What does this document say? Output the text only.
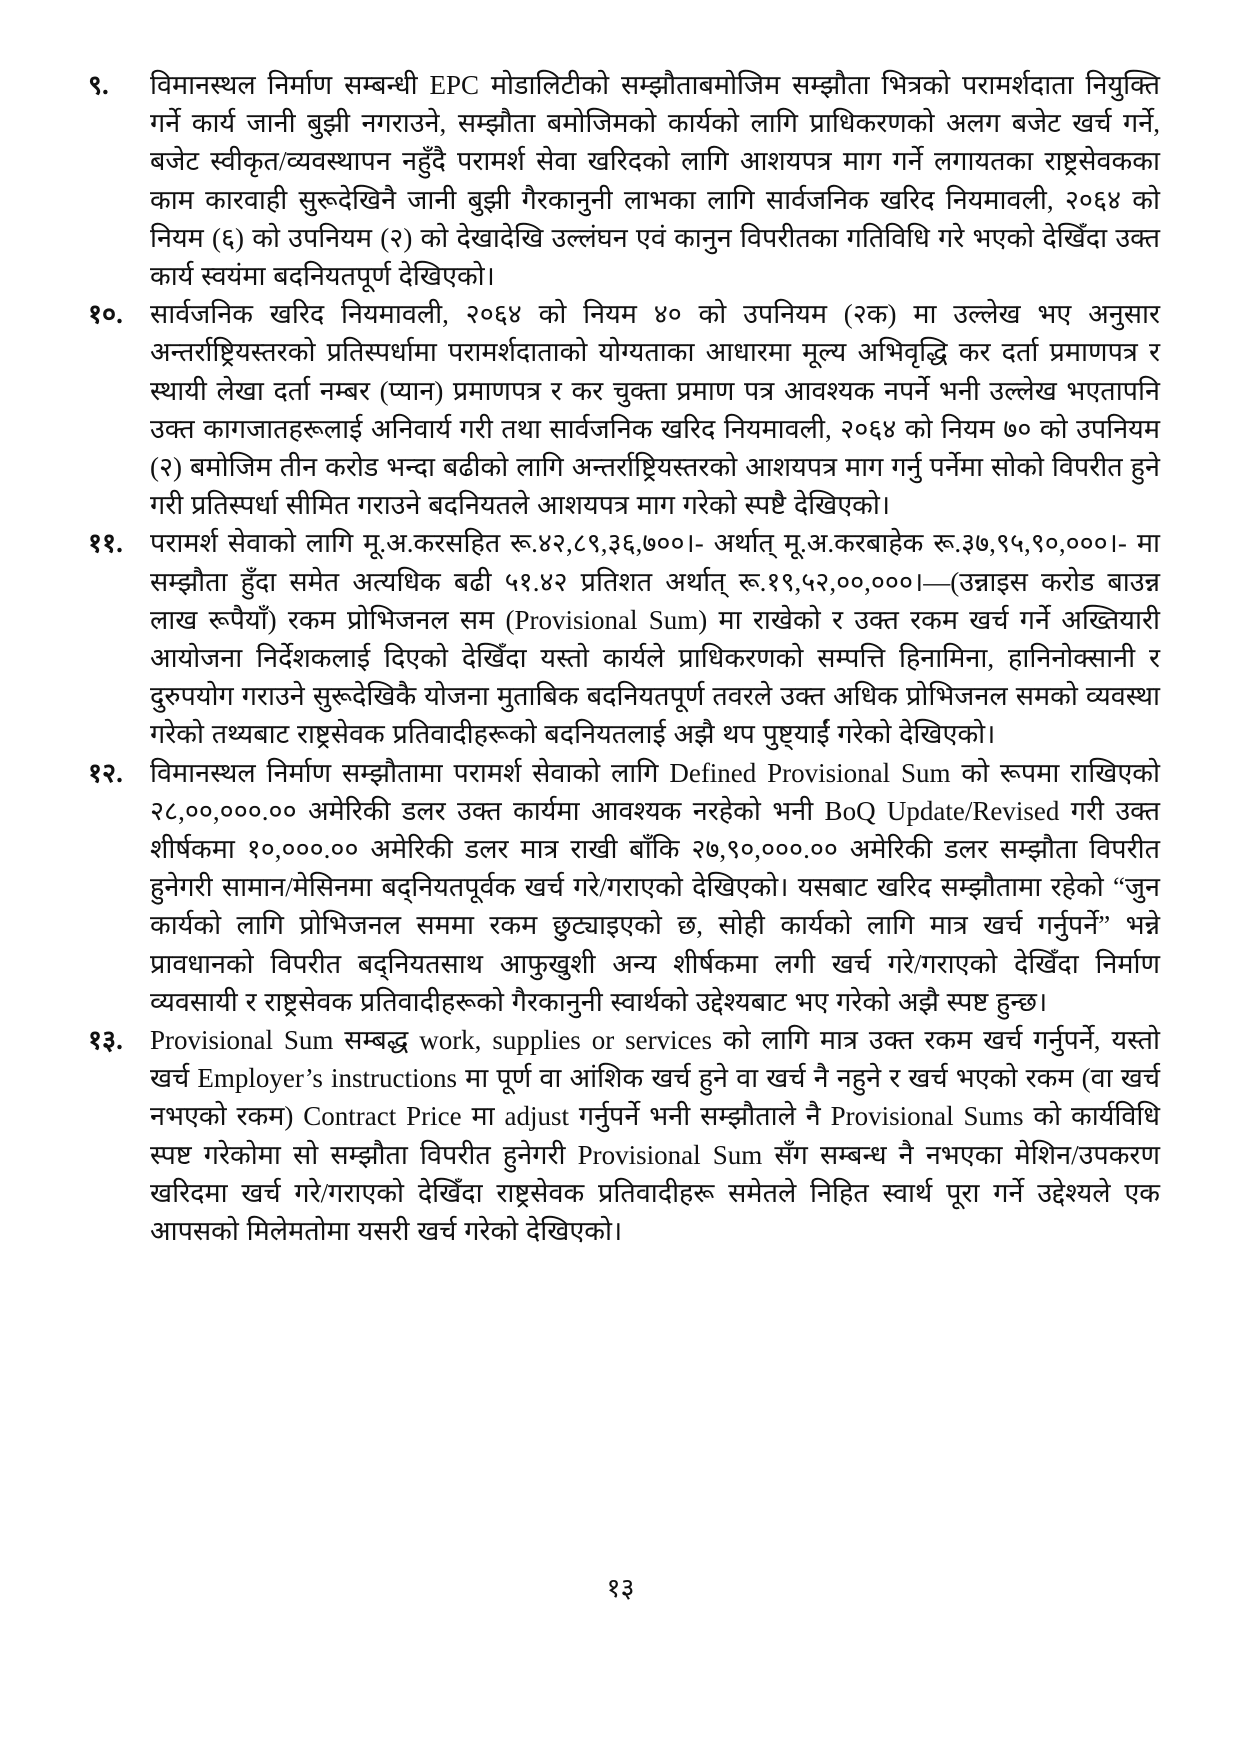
९.	विमानस्थल निर्माण सम्बन्धी EPC मोडालिटीको सम्झौताबमोजिम सम्झौता भित्रको परामर्शदाता नियुक्ति गर्ने कार्य जानी बुझी नगराउने, सम्झौता बमोजिमको कार्यको लागि प्राधिकरणको अलग बजेट खर्च गर्ने, बजेट स्वीकृत/व्यवस्थापन नहुँदै परामर्श सेवा खरिदको लागि आशयपत्र माग गर्ने लगायतका राष्ट्रसेवकका काम कारवाही सुरूदेखिनै जानी बुझी गैरकानुनी लाभका लागि सार्वजनिक खरिद नियमावली, २०६४ को नियम (६) को उपनियम (२) को देखादेखि उल्लंघन एवं कानुन विपरीतका गतिविधि गरे भएको देखिँदा उक्त कार्य स्वयंमा बदनियतपूर्ण देखिएको।
१०.	सार्वजनिक खरिद नियमावली, २०६४ को नियम ४० को उपनियम (२क) मा उल्लेख भए अनुसार अन्तर्राष्ट्रियस्तरको प्रतिस्पर्धामा परामर्शदाताको योग्यताका आधारमा मूल्य अभिवृद्धि कर दर्ता प्रमाणपत्र र स्थायी लेखा दर्ता नम्बर (प्यान) प्रमाणपत्र र कर चुक्ता प्रमाण पत्र आवश्यक नपर्ने भनी उल्लेख भएतापनि उक्त कागजातहरूलाई अनिवार्य गरी तथा सार्वजनिक खरिद नियमावली, २०६४ को नियम ७० को उपनियम (२) बमोजिम तीन करोड भन्दा बढीको लागि अन्तर्राष्ट्रियस्तरको आशयपत्र माग गर्नु पर्नेमा सोको विपरीत हुने गरी प्रतिस्पर्धा सीमित गराउने बदनियतले आशयपत्र माग गरेको स्पष्टै देखिएको।
११.	परामर्श सेवाको लागि मू.अ.करसहित रू.४२,८९,३६,७००।- अर्थात् मू.अ.करबाहेक रू.३७,९५,९०,०००।- मा सम्झौता हुँदा समेत अत्यधिक बढी ५१.४२ प्रतिशत अर्थात् रू.१९,५२,००,०००।—(उन्नाइस करोड बाउन्न लाख रूपैयाँ) रकम प्रोभिजनल सम (Provisional Sum) मा राखेको र उक्त रकम खर्च गर्ने अख्तियारी आयोजना निर्देशकलाई दिएको देखिँदा यस्तो कार्यले प्राधिकरणको सम्पत्ति हिनामिना, हानिनोक्सानी र दुरुपयोग गराउने सुरूदेखिकै योजना मुताबिक बदनियतपूर्ण तवरले उक्त अधिक प्रोभिजनल समको व्यवस्था गरेको तथ्यबाट राष्ट्रसेवक प्रतिवादीहरूको बदनियतलाई अझै थप पुष्ट्याईं गरेको देखिएको।
१२.	विमानस्थल निर्माण सम्झौतामा परामर्श सेवाको लागि Defined Provisional Sum को रूपमा राखिएको २८,००,०००.०० अमेरिकी डलर उक्त कार्यमा आवश्यक नरहेको भनी BoQ Update/Revised गरी उक्त शीर्षकमा १०,०००.०० अमेरिकी डलर मात्र राखी बाँकि २७,९०,०००.०० अमेरिकी डलर सम्झौता विपरीत हुनेगरी सामान/मेसिनमा बद्नियतपूर्वक खर्च गरे/गराएको देखिएको। यसबाट खरिद सम्झौतामा रहेको “जुन कार्यको लागि प्रोभिजनल सममा रकम छुट्याइएको छ, सोही कार्यको लागि मात्र खर्च गर्नुपर्ने” भन्ने प्रावधानको विपरीत बद्नियतसाथ आफुखुशी अन्य शीर्षकमा लगी खर्च गरे/गराएको देखिँदा निर्माण व्यवसायी र राष्ट्रसेवक प्रतिवादीहरूको गैरकानुनी स्वार्थको उद्देश्यबाट भए गरेको अझै स्पष्ट हुन्छ।
१३.	Provisional Sum सम्बद्ध work, supplies or services को लागि मात्र उक्त रकम खर्च गर्नुपर्ने, यस्तो खर्च Employer’s instructions मा पूर्ण वा आंशिक खर्च हुने वा खर्च नै नहुने र खर्च भएको रकम (वा खर्च नभएको रकम) Contract Price मा adjust गर्नुपर्ने भनी सम्झौताले नै Provisional Sums को कार्यविधि स्पष्ट गरेकोमा सो सम्झौता विपरीत हुनेगरी Provisional Sum सँग सम्बन्ध नै नभएका मेशिन/उपकरण खरिदमा खर्च गरे/गराएको देखिँदा राष्ट्रसेवक प्रतिवादीहरू समेतले निहित स्वार्थ पूरा गर्ने उद्देश्यले एक आपसको मिलेमतोमा यसरी खर्च गरेको देखिएको।
१३
